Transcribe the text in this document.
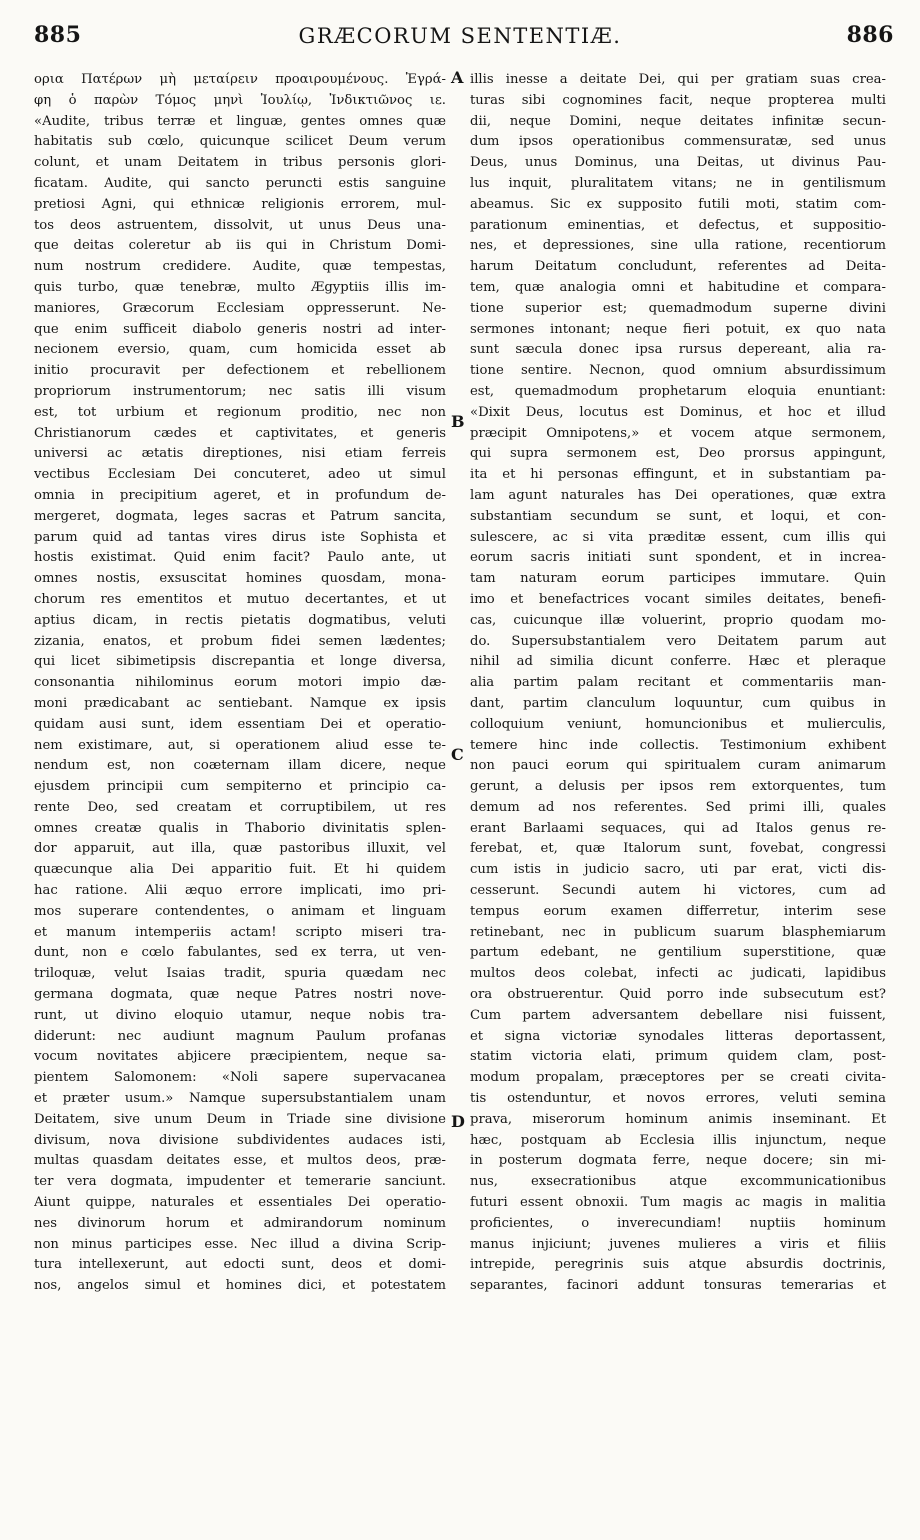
885	GRÆCORUM SENTENTIÆ.	886

ορια Πατέρων μὴ μεταίρειν προαιρουμένους. Ἐγρά-
φη ὁ παρὼν Τόμος μηνὶ Ἰουλίῳ, Ἰνδικτιῶνος ιε.
«Audite, tribus terræ et linguæ, gentes omnes quæ
habitatis sub cœlo, quicunque scilicet Deum verum
colunt, et unam Deitatem in tribus personis glori-
ficatam. Audite, qui sancto peruncti estis sanguine
pretiosi Agni, qui ethnicæ religionis errorem, mul-
tos deos astruentem, dissolvit, ut unus Deus una-
que deitas coleretur ab iis qui in Christum Domi-
num nostrum credidere. Audite, quæ tempestas,
quis turbo, quæ tenebræ, multo Ægyptiis illis im-
maniores, Græcorum Ecclesiam oppresserunt. Ne-
que enim sufficeit diabolo generis nostri ad inter-
necionem eversio, quam, cum homicida esset ab
initio procuravit per defectionem et rebellionem
propriorum instrumentorum; nec satis illi visum
est, tot urbium et regionum proditio, nec non
Christianorum cædes et captivitates, et generis
universi ac ætatis direptiones, nisi etiam ferreis
vectibus Ecclesiam Dei concuteret, adeo ut simul
omnia in precipitium ageret, et in profundum de-
mergeret, dogmata, leges sacras et Patrum sancita,
parum quid ad tantas vires dirus iste Sophista et
hostis existimat. Quid enim facit? Paulo ante, ut
omnes nostis, exsuscitat homines quosdam, mona-
chorum res ementitos et mutuo decertantes, et ut
aptius dicam, in rectis pietatis dogmatibus, veluti
zizania, enatos, et probum fidei semen lædentes;
qui licet sibimetipsis discrepantia et longe diversa,
consonantia nihilominus eorum motori impio dæ-
moni prædicabant ac sentiebant. Namque ex ipsis
quidam ausi sunt, idem essentiam Dei et operatio-
nem existimare, aut, si operationem aliud esse te-
nendum est, non coæternam illam dicere, neque
ejusdem principii cum sempiterno et principio ca-
rente Deo, sed creatam et corruptibilem, ut res
omnes creatæ qualis in Thaborio divinitatis splen-
dor apparuit, aut illa, quæ pastoribus illuxit, vel
quæcunque alia Dei apparitio fuit. Et hi quidem
hac ratione. Alii æquo errore implicati, imo pri-
mos superare contendentes, o animam et linguam
et manum intemperiis actam! scripto miseri tra-
dunt, non e cœlo fabulantes, sed ex terra, ut ven-
triloquæ, velut Isaias tradit, spuria quædam nec
germana dogmata, quæ neque Patres nostri nove-
runt, ut divino eloquio utamur, neque nobis tra-
diderunt: nec audiunt magnum Paulum profanas
vocum novitates abjicere præcipientem, neque sa-
pientem Salomonem: «Noli sapere supervacanea
et præter usum.» Namque supersubstantialem unam
Deitatem, sive unum Deum in Triade sine divisione
divisum, nova divisione subdividentes audaces isti,
multas quasdam deitates esse, et multos deos, præ-
ter vera dogmata, impudenter et temerarie sanciunt.
Aiunt quippe, naturales et essentiales Dei operatio-
nes divinorum horum et admirandorum nominum
non minus participes esse. Nec illud a divina Scrip-
tura intellexerunt, aut edocti sunt, deos et domi-
nos, angelos simul et homines dici, et potestatem

illis inesse a deitate Dei, qui per gratiam suas crea-
turas sibi cognomines facit, neque propterea multi
dii, neque Domini, neque deitates infinitæ secun-
dum ipsos operationibus commensuratæ, sed unus
Deus, unus Dominus, una Deitas, ut divinus Pau-
lus inquit, pluralitatem vitans; ne in gentilismum
abeamus. Sic ex supposito futili moti, statim com-
parationum eminentias, et defectus, et suppositio-
nes, et depressiones, sine ulla ratione, recentiorum
harum Deitatum concludunt, referentes ad Deita-
tem, quæ analogia omni et habitudine et compara-
tione superior est; quemadmodum superne divini
sermones intonant; neque fieri potuit, ex quo nata
sunt sæcula donec ipsa rursus depereant, alia ra-
tione sentire. Necnon, quod omnium absurdissimum
est, quemadmodum prophetarum eloquia enuntiant:
«Dixit Deus, locutus est Dominus, et hoc et illud
præcipit Omnipotens,» et vocem atque sermonem,
qui supra sermonem est, Deo prorsus appingunt,
ita et hi personas effingunt, et in substantiam pa-
lam agunt naturales has Dei operationes, quæ extra
substantiam secundum se sunt, et loqui, et con-
sulescere, ac si vita præditæ essent, cum illis qui
eorum sacris initiati sunt spondent, et in increa-
tam naturam eorum participes immutare. Quin
imo et benefactrices vocant similes deitates, benefi-
cas, cuicunque illæ voluerint, proprio quodam mo-
do. Supersubstantialem vero Deitatem parum aut
nihil ad similia dicunt conferre. Hæc et pleraque
alia partim palam recitant et commentariis man-
dant, partim clanculum loquuntur, cum quibus in
colloquium veniunt, homuncionibus et mulierculis,
temere hinc inde collectis. Testimonium exhibent
non pauci eorum qui spiritualem curam animarum
gerunt, a delusis per ipsos rem extorquentes, tum
demum ad nos referentes. Sed primi illi, quales
erant Barlaami sequaces, qui ad Italos genus re-
ferebat, et, quæ Italorum sunt, fovebat, congressi
cum istis in judicio sacro, uti par erat, victi dis-
cesserunt. Secundi autem hi victores, cum ad
tempus eorum examen differretur, interim sese
retinebant, nec in publicum suarum blasphemiarum
partum edebant, ne gentilium superstitione, quæ
multos deos colebat, infecti ac judicati, lapidibus
ora obstruerentur. Quid porro inde subsecutum est?
Cum partem adversantem debellare nisi fuissent,
et signa victoriæ synodales litteras deportassent,
statim victoria elati, primum quidem clam, post-
modum propalam, præceptores per se creati civita-
tis ostenduntur, et novos errores, veluti semina
prava, miserorum hominum animis inseminant. Et
hæc, postquam ab Ecclesia illis injunctum, neque
in posterum dogmata ferre, neque docere; sin mi-
nus, exsecrationibus atque excommunicationibus
futuri essent obnoxii. Tum magis ac magis in malitia
proficientes, o inverecundiam! nuptiis hominum
manus injiciunt; juvenes mulieres a viris et filiis
intrepide, peregrinis suis atque absurdis doctrinis,
separantes, facinori addunt tonsuras temerarias et

A
B
C
D
